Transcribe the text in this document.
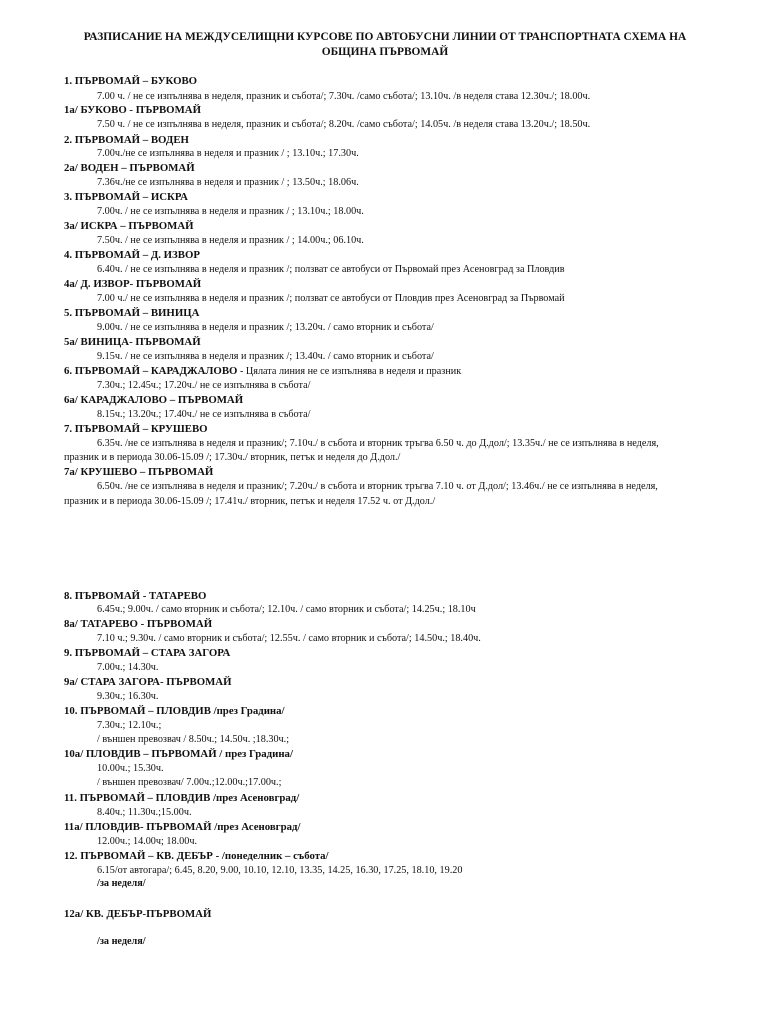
РАЗПИСАНИЕ НА МЕЖДУСЕЛИЩНИ КУРСОВЕ ПО АВТОБУСНИ ЛИНИИ ОТ ТРАНСПОРТНАТА СХЕМА НА
ОБЩИНА ПЪРВОМАЙ
1. ПЪРВОМАЙ – БУКОВО
7.00 ч. / не се изпълнява в неделя, празник и събота/; 7.30ч. /само събота/; 13.10ч. /в неделя става 12.30ч./; 18.00ч.
1а/ БУКОВО - ПЪРВОМАЙ
7.50 ч. / не се изпълнява в неделя, празник и събота/; 8.20ч. /само събота/; 14.05ч. /в неделя става 13.20ч./; 18.50ч.
2. ПЪРВОМАЙ – ВОДЕН
7.00ч./не се изпълнява в неделя и празник / ; 13.10ч.; 17.30ч.
2а/ ВОДЕН – ПЪРВОМАЙ
7.36ч./не се изпълнява в неделя и празник / ; 13.50ч.; 18.06ч.
3. ПЪРВОМАЙ – ИСКРА
7.00ч. / не се изпълнява в неделя и празник / ; 13.10ч.; 18.00ч.
3а/ ИСКРА – ПЪРВОМАЙ
7.50ч. / не се изпълнява в неделя и празник / ; 14.00ч.; 06.10ч.
4. ПЪРВОМАЙ – Д. ИЗВОР
6.40ч. / не се изпълнява в неделя и празник /; ползват се автобуси от Първомай през Асеновград за Пловдив
4а/ Д. ИЗВОР- ПЪРВОМАЙ
7.00 ч./ не се изпълнява в неделя и празник /; ползват се автобуси от Пловдив през Асеновград за Първомай
5. ПЪРВОМАЙ – ВИНИЦА
9.00ч. / не се изпълнява в неделя и празник /; 13.20ч. / само вторник и събота/
5а/ ВИНИЦА- ПЪРВОМАЙ
9.15ч. / не се изпълнява в неделя и празник /; 13.40ч. / само вторник и събота/
6. ПЪРВОМАЙ – КАРАДЖАЛОВО - Цялата линия не се изпълнява в неделя и празник
7.30ч.; 12.45ч.; 17.20ч./ не се изпълнява в събота/
6а/ КАРАДЖАЛОВО – ПЪРВОМАЙ
8.15ч.; 13.20ч.; 17.40ч./ не се изпълнява в събота/
7. ПЪРВОМАЙ – КРУШЕВО
6.35ч. /не се изпълнява в неделя и празник/; 7.10ч./ в събота и вторник тръгва 6.50 ч. до Д.дол/; 13.35ч./ не се изпълнява в неделя,
празник и в периода 30.06-15.09 /; 17.30ч./ вторник, петък и неделя до Д.дол./
7а/ КРУШЕВО – ПЪРВОМАЙ
6.50ч. /не се изпълнява в неделя и празник/; 7.20ч./ в събота и вторник тръгва 7.10 ч. от Д.дол/; 13.46ч./ не се изпълнява в неделя,
празник и в периода 30.06-15.09 /; 17.41ч./ вторник, петък и неделя 17.52 ч. от Д.дол./
8. ПЪРВОМАЙ - ТАТАРЕВО
6.45ч.; 9.00ч. / само вторник и събота/; 12.10ч. / само вторник и събота/; 14.25ч.; 18.10ч
8а/ ТАТАРЕВО - ПЪРВОМАЙ
7.10 ч.; 9.30ч. / само вторник и събота/; 12.55ч. / само вторник и събота/; 14.50ч.; 18.40ч.
9. ПЪРВОМАЙ – СТАРА ЗАГОРА
7.00ч.; 14.30ч.
9а/ СТАРА ЗАГОРА- ПЪРВОМАЙ
9.30ч.; 16.30ч.
10. ПЪРВОМАЙ – ПЛОВДИВ /през Градина/
7.30ч.; 12.10ч.;
/ външен превозвач / 8.50ч.; 14.50ч. ;18.30ч.;
10а/ ПЛОВДИВ – ПЪРВОМАЙ / през Градина/
10.00ч.; 15.30ч.
/ външен превозвач/ 7.00ч.;12.00ч.;17.00ч.;
11. ПЪРВОМАЙ – ПЛОВДИВ /през Асеновград/
8.40ч.; 11.30ч.;15.00ч.
11а/ ПЛОВДИВ- ПЪРВОМАЙ /през Асеновград/
12.00ч.; 14.00ч; 18.00ч.
12. ПЪРВОМАЙ – КВ. ДЕБЪР - /понеделник – събота/
6.15/от автогара/; 6.45, 8.20, 9.00, 10.10, 12.10, 13.35, 14.25, 16.30, 17.25, 18.10, 19.20
/за неделя/
12а/ КВ. ДЕБЪР-ПЪРВОМАЙ
/за неделя/
